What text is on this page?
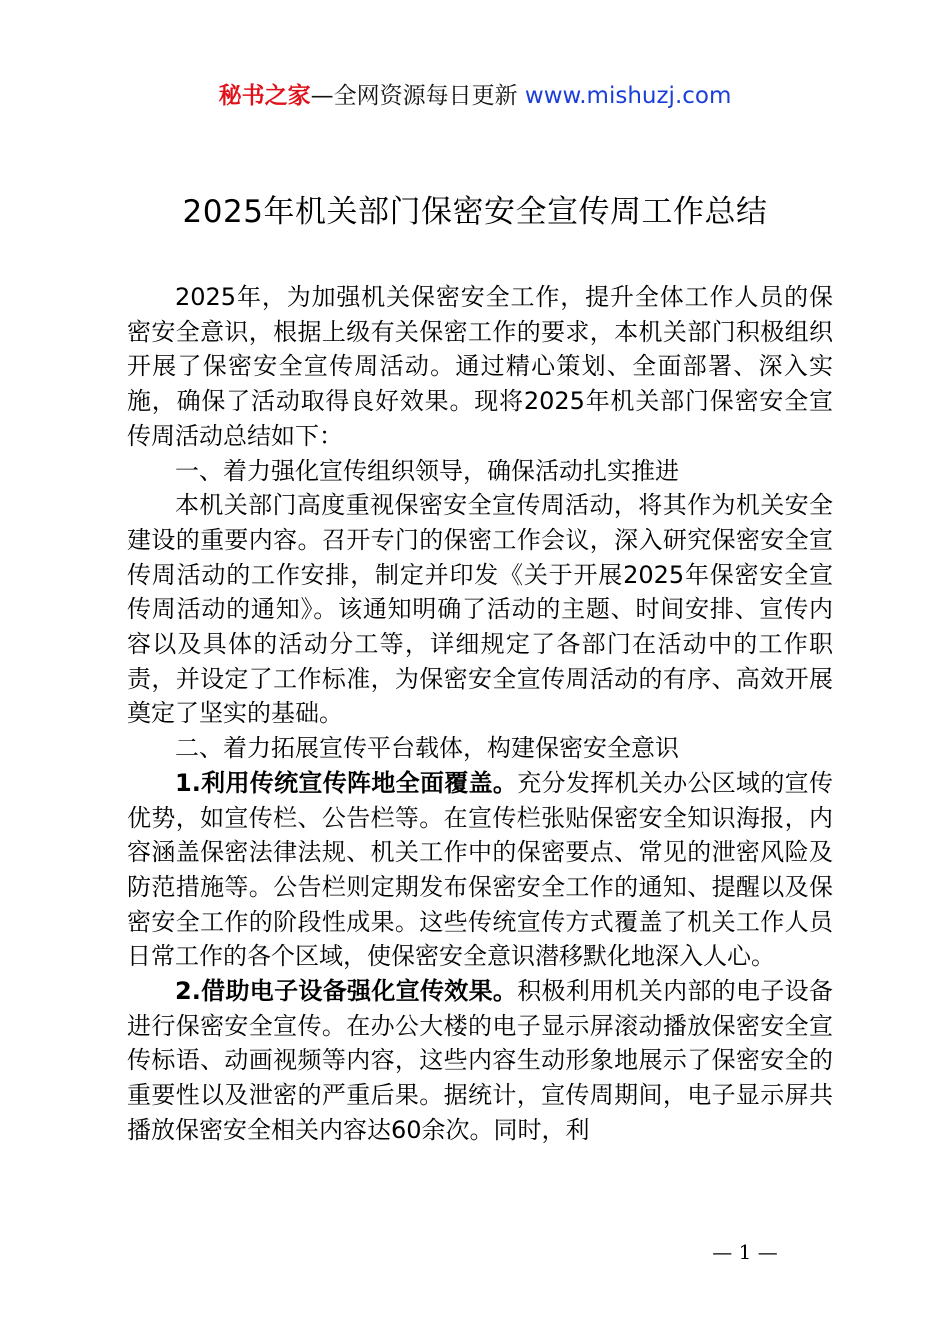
秘书之家—全网资源每日更新 www.mishuzj.com
2025年机关部门保密安全宣传周工作总结

2025年，为加强机关保密安全工作，提升全体工作人员的保密安全意识，根据上级有关保密工作的要求，本机关部门积极组织开展了保密安全宣传周活动。通过精心策划、全面部署、深入实施，确保了活动取得良好效果。现将2025年机关部门保密安全宣传周活动总结如下：

一、着力强化宣传组织领导，确保活动扎实推进

本机关部门高度重视保密安全宣传周活动，将其作为机关安全建设的重要内容。召开专门的保密工作会议，深入研究保密安全宣传周活动的工作安排，制定并印发《关于开展2025年保密安全宣传周活动的通知》。该通知明确了活动的主题、时间安排、宣传内容以及具体的活动分工等，详细规定了各部门在活动中的工作职责，并设定了工作标准，为保密安全宣传周活动的有序、高效开展奠定了坚实的基础。

二、着力拓展宣传平台载体，构建保密安全意识

1.利用传统宣传阵地全面覆盖。充分发挥机关办公区域的宣传优势，如宣传栏、公告栏等。在宣传栏张贴保密安全知识海报，内容涵盖保密法律法规、机关工作中的保密要点、常见的泄密风险及防范措施等。公告栏则定期发布保密安全工作的通知、提醒以及保密安全工作的阶段性成果。这些传统宣传方式覆盖了机关工作人员日常工作的各个区域，使保密安全意识潜移默化地深入人心。

2.借助电子设备强化宣传效果。积极利用机关内部的电子设备进行保密安全宣传。在办公大楼的电子显示屏滚动播放保密安全宣传标语、动画视频等内容，这些内容生动形象地展示了保密安全的重要性以及泄密的严重后果。据统计，宣传周期间，电子显示屏共播放保密安全相关内容达60余次。同时，利

— 1 —
